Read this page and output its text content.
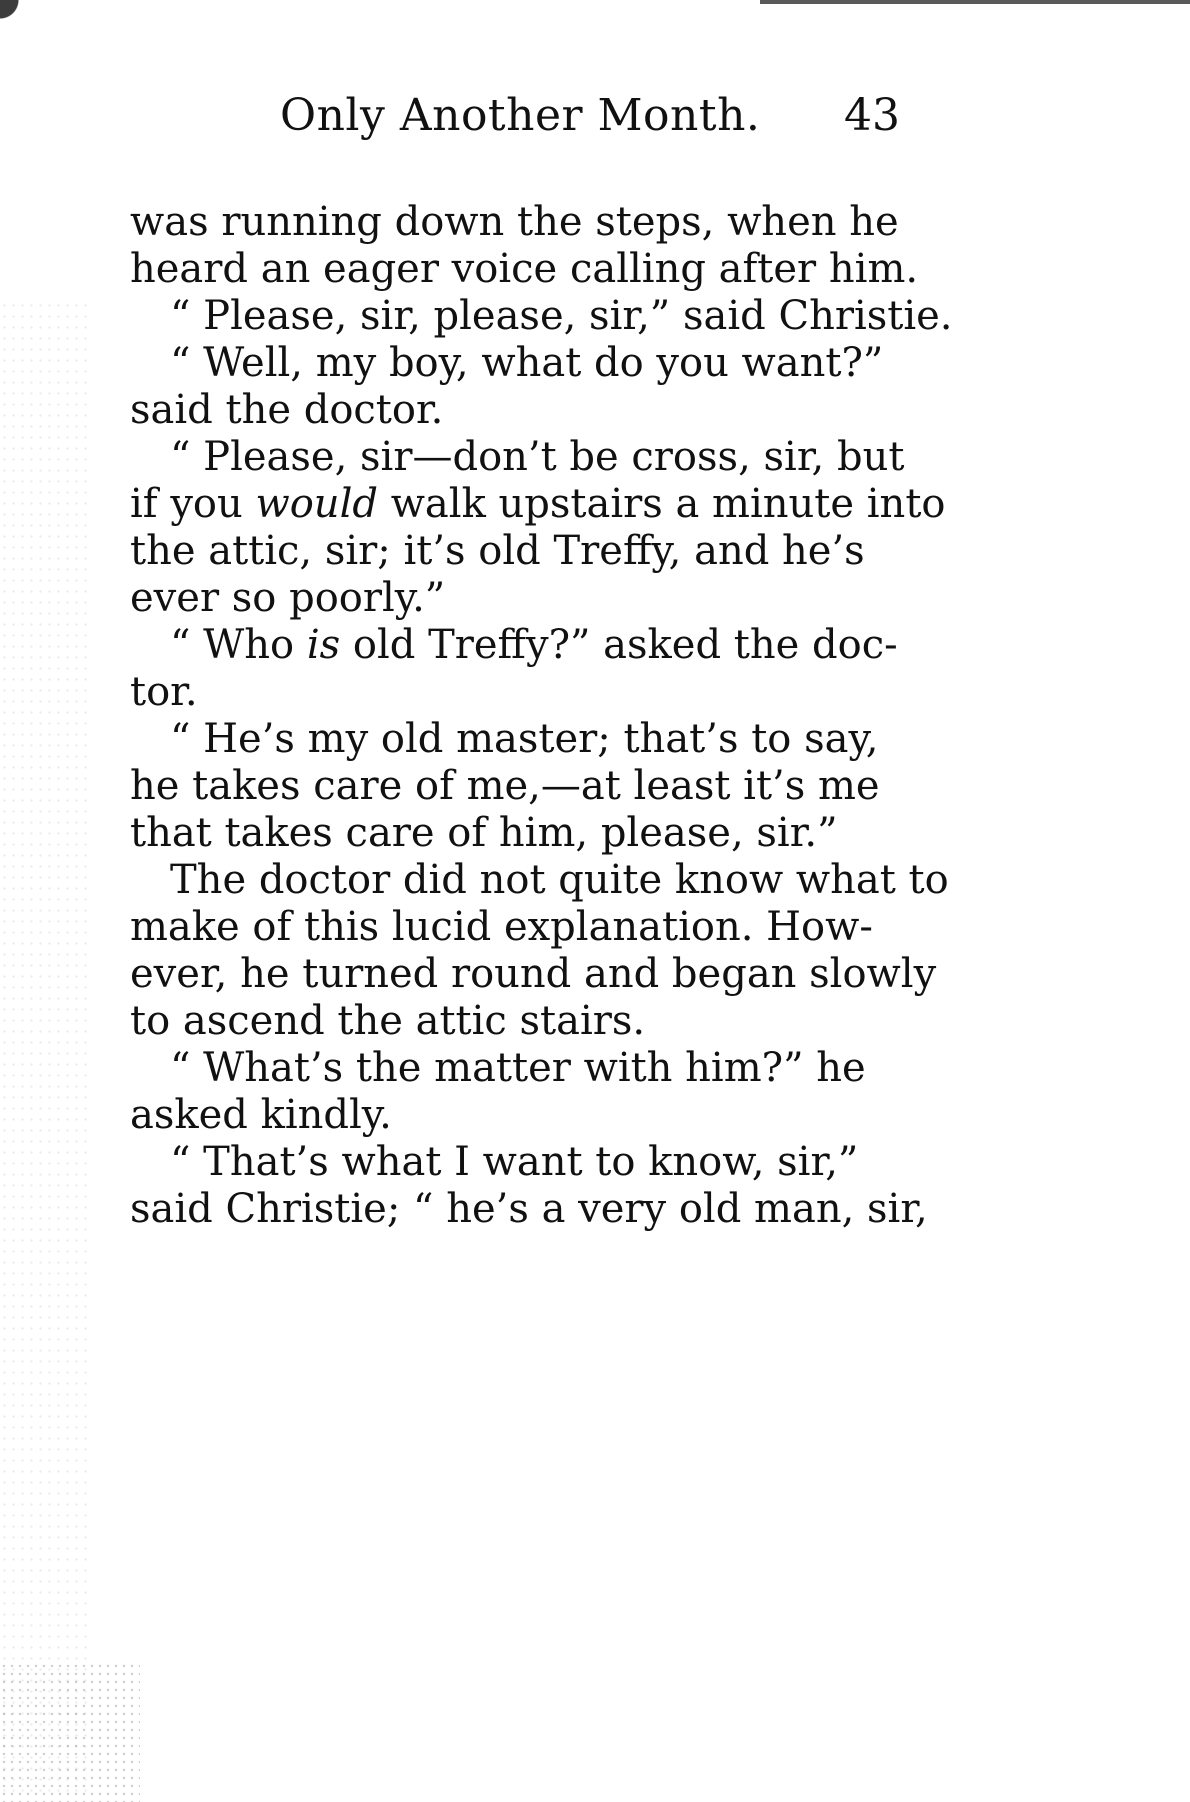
Only Another Month. 43
was running down the steps, when he
heard an eager voice calling after him.
“ Please, sir, please, sir,” said Christie.
“ Well, my boy, what do you want?”
said the doctor.
“ Please, sir—don’t be cross, sir, but
if you would walk upstairs a minute into
the attic, sir; it’s old Treffy, and he’s
ever so poorly.”
“ Who is old Treffy?” asked the doc-
tor.
“ He’s my old master; that’s to say,
he takes care of me,—at least it’s me
that takes care of him, please, sir.”
The doctor did not quite know what to
make of this lucid explanation. How-
ever, he turned round and began slowly
to ascend the attic stairs.
“ What’s the matter with him?” he
asked kindly.
“ That’s what I want to know, sir,”
said Christie; “ he’s a very old man, sir,
